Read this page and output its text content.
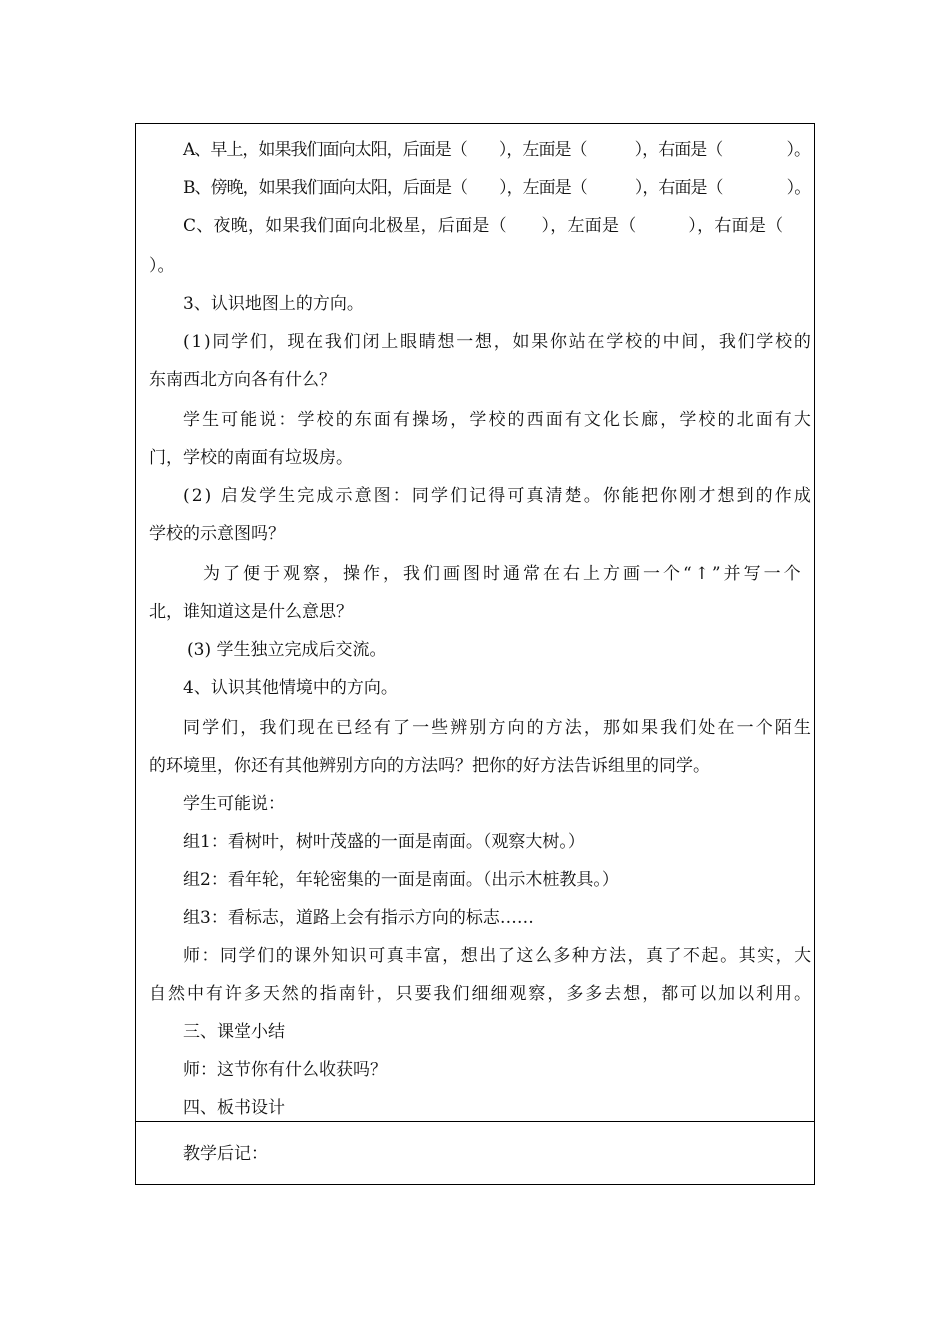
A、早上，如果我们面向太阳，后面是（　　），左面是（　　　），右面是（　　　　）。
B、傍晚，如果我们面向太阳，后面是（　　），左面是（　　　），右面是（　　　　）。
C、夜晚，如果我们面向北极星，后面是（　　），左面是（　　　），右面是（
）。
3、认识地图上的方向。
(1)同学们，现在我们闭上眼睛想一想，如果你站在学校的中间，我们学校的
东南西北方向各有什么？
学生可能说：学校的东面有操场，学校的西面有文化长廊，学校的北面有大
门，学校的南面有垃圾房。
(2) 启发学生完成示意图：同学们记得可真清楚。你能把你刚才想到的作成
学校的示意图吗？
为了便于观察，操作，我们画图时通常在右上方画一个“↑”并写一个
北，谁知道这是什么意思？
(3) 学生独立完成后交流。
4、认识其他情境中的方向。
同学们，我们现在已经有了一些辨别方向的方法，那如果我们处在一个陌生
的环境里，你还有其他辨别方向的方法吗？把你的好方法告诉组里的同学。
学生可能说：
组1：看树叶，树叶茂盛的一面是南面。（观察大树。）
组2：看年轮，年轮密集的一面是南面。（出示木桩教具。）
组3：看标志，道路上会有指示方向的标志……
师：同学们的课外知识可真丰富，想出了这么多种方法，真了不起。其实，大
自然中有许多天然的指南针，只要我们细细观察，多多去想，都可以加以利用。
三、课堂小结
师：这节你有什么收获吗？
四、板书设计
教学后记：
